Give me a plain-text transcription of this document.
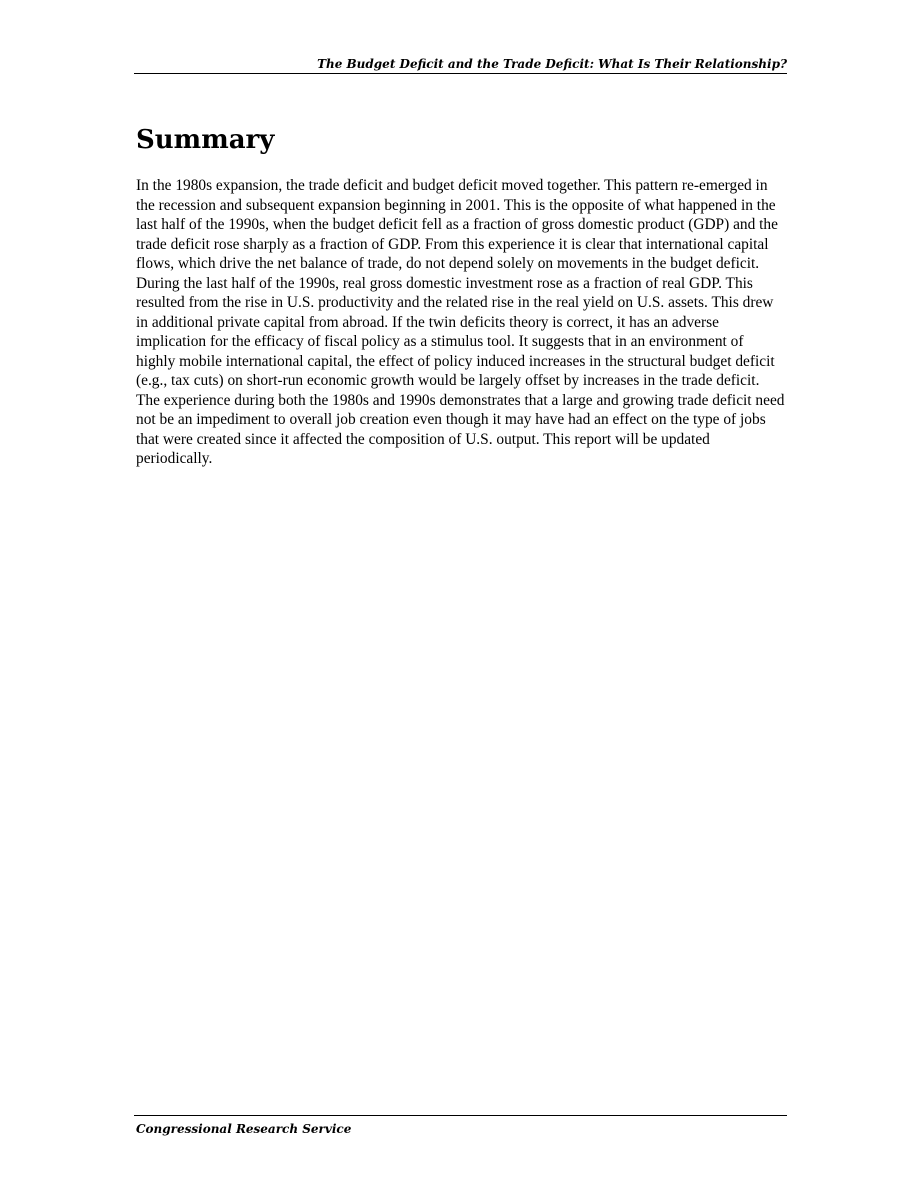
The Budget Deficit and the Trade Deficit: What Is Their Relationship?
Summary

In the 1980s expansion, the trade deficit and budget deficit moved together. This pattern re-emerged in the recession and subsequent expansion beginning in 2001. This is the opposite of what happened in the last half of the 1990s, when the budget deficit fell as a fraction of gross domestic product (GDP) and the trade deficit rose sharply as a fraction of GDP. From this experience it is clear that international capital flows, which drive the net balance of trade, do not depend solely on movements in the budget deficit. During the last half of the 1990s, real gross domestic investment rose as a fraction of real GDP. This resulted from the rise in U.S. productivity and the related rise in the real yield on U.S. assets. This drew in additional private capital from abroad. If the twin deficits theory is correct, it has an adverse implication for the efficacy of fiscal policy as a stimulus tool. It suggests that in an environment of highly mobile international capital, the effect of policy induced increases in the structural budget deficit (e.g., tax cuts) on short-run economic growth would be largely offset by increases in the trade deficit. The experience during both the 1980s and 1990s demonstrates that a large and growing trade deficit need not be an impediment to overall job creation even though it may have had an effect on the type of jobs that were created since it affected the composition of U.S. output. This report will be updated periodically.

Congressional Research Service
